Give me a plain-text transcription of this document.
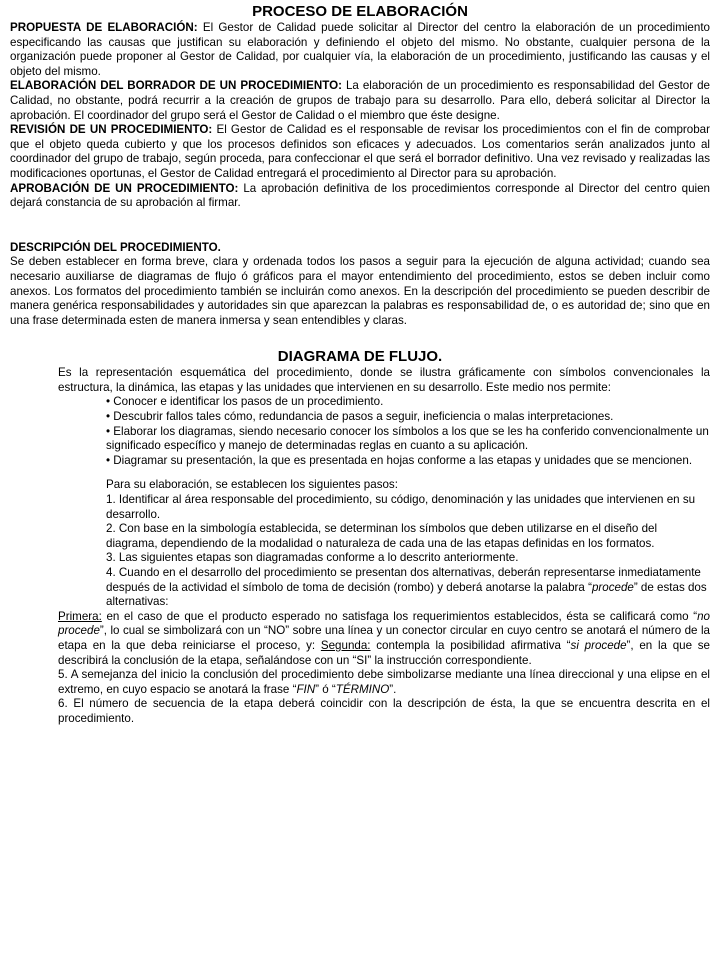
PROCESO DE ELABORACIÓN

PROPUESTA DE ELABORACIÓN: El Gestor de Calidad puede solicitar al Director del centro la elaboración de un procedimiento especificando las causas que justifican su elaboración y definiendo el objeto del mismo. No obstante, cualquier persona de la organización puede proponer al Gestor de Calidad, por cualquier vía, la elaboración de un procedimiento, justificando las causas y el objeto del mismo.

ELABORACIÓN DEL BORRADOR DE UN PROCEDIMIENTO: La elaboración de un procedimiento es responsabilidad del Gestor de Calidad, no obstante, podrá recurrir a la creación de grupos de trabajo para su desarrollo. Para ello, deberá solicitar al Director la aprobación. El coordinador del grupo será el Gestor de Calidad o el miembro que éste designe.

REVISIÓN DE UN PROCEDIMIENTO: El Gestor de Calidad es el responsable de revisar los procedimientos con el fin de comprobar que el objeto queda cubierto y que los procesos definidos son eficaces y adecuados. Los comentarios serán analizados junto al coordinador del grupo de trabajo, según proceda, para confeccionar el que será el borrador definitivo. Una vez revisado y realizadas las modificaciones oportunas, el Gestor de Calidad entregará el procedimiento al Director para su aprobación.

APROBACIÓN DE UN PROCEDIMIENTO: La aprobación definitiva de los procedimientos corresponde al Director del centro quien dejará constancia de su aprobación al firmar.

DESCRIPCIÓN DEL PROCEDIMIENTO.

Se deben establecer en forma breve, clara y ordenada todos los pasos a seguir para la ejecución de alguna actividad; cuando sea necesario auxiliarse de diagramas de flujo ó gráficos para el mayor entendimiento del procedimiento, estos se deben incluir como anexos. Los formatos del procedimiento también se incluirán como anexos. En la descripción del procedimiento se pueden describir de manera genérica responsabilidades y autoridades sin que aparezcan la palabras es responsabilidad de, o es autoridad de; sino que en una frase determinada esten de manera inmersa y sean entendibles y claras.

DIAGRAMA DE FLUJO.

Es la representación esquemática del procedimiento, donde se ilustra gráficamente con símbolos convencionales la estructura, la dinámica, las etapas y las unidades que intervienen en su desarrollo. Este medio nos permite:

• Conocer e identificar los pasos de un procedimiento.

• Descubrir fallos tales cómo, redundancia de pasos a seguir, ineficiencia o malas interpretaciones.

• Elaborar los diagramas, siendo necesario conocer los símbolos a los que se les ha conferido convencionalmente un significado específico y manejo de determinadas reglas en cuanto a su aplicación.

• Diagramar su presentación, la que es presentada en hojas conforme a las etapas y unidades que se mencionen.

Para su elaboración, se establecen los siguientes pasos:

1. Identificar al área responsable del procedimiento, su código, denominación y las unidades que intervienen en su desarrollo.

2. Con base en la simbología establecida, se determinan los símbolos que deben utilizarse en el diseño del diagrama, dependiendo de la modalidad o naturaleza de cada una de las etapas definidas en los formatos.

3. Las siguientes etapas son diagramadas conforme a lo descrito anteriormente.

4. Cuando en el desarrollo del procedimiento se presentan dos alternativas, deberán representarse inmediatamente después de la actividad el símbolo de toma de decisión (rombo) y deberá anotarse la palabra “procede” de estas dos alternativas:

Primera: en el caso de que el producto esperado no satisfaga los requerimientos establecidos, ésta se calificará como “no procede”, lo cual se simbolizará con un “NO” sobre una línea y un conector circular en cuyo centro se anotará el número de la etapa en la que deba reiniciarse el proceso, y: Segunda: contempla la posibilidad afirmativa “si procede”, en la que se describirá la conclusión de la etapa, señalándose con un “SI” la instrucción correspondiente.

5. A semejanza del inicio la conclusión del procedimiento debe simbolizarse mediante una línea direccional y una elipse en el extremo, en cuyo espacio se anotará la frase “FIN” ó “TÉRMINO”.

6. El número de secuencia de la etapa deberá coincidir con la descripción de ésta, la que se encuentra descrita en el procedimiento.
